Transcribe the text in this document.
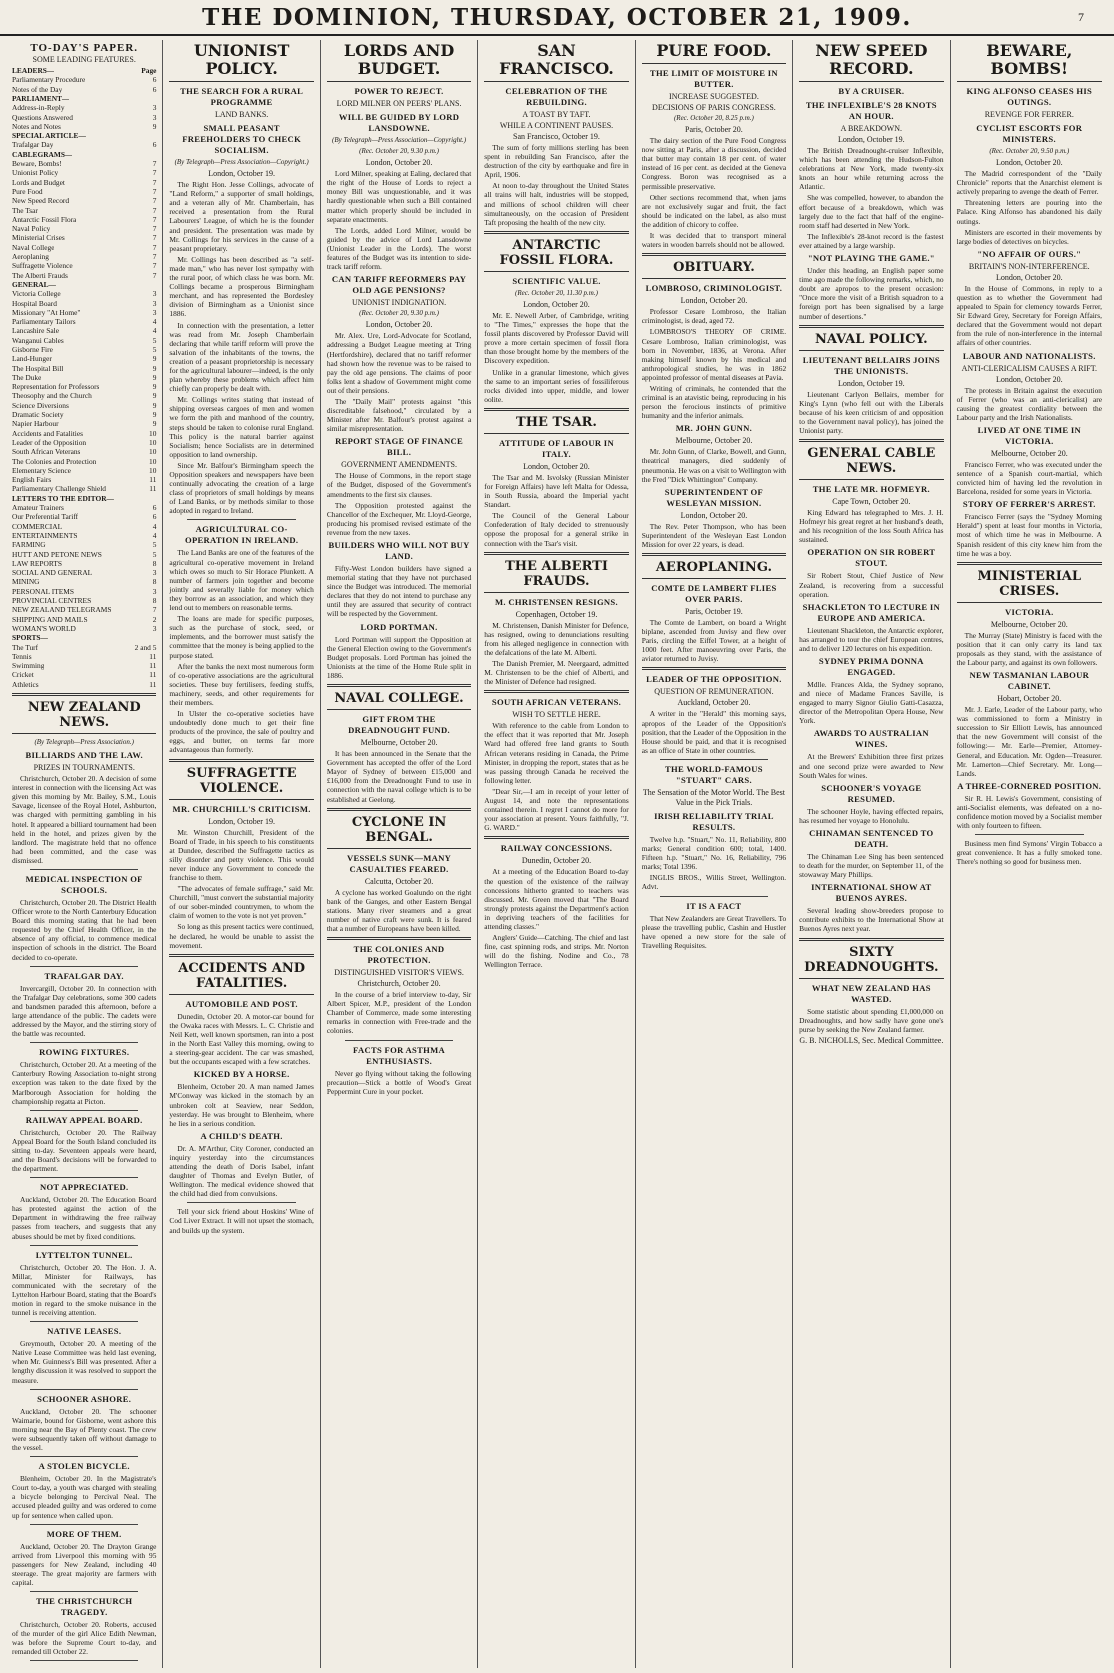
THE DOMINION, THURSDAY, OCTOBER 21, 1909.	7
TO-DAY'S PAPER.
SOME LEADING FEATURES.
LEADERS—	Page
Parliamentary Procedure	6
Notes of the Day	6
PARLIAMENT—
Address-in-Reply	3
Questions Answered	3
Notes and Notes	9
SPECIAL ARTICLE—
Trafalgar Day	6
CABLEGRAMS—
Beware, Bombs!	7
Unionist Policy	7
Lords and Budget	7
Pure Food	7
New Speed Record	7
The Tsar	7
Antarctic Fossil Flora	7
Naval Policy	7
Ministerial Crises	7
Naval College	7
Aeroplaning	7
Suffragette Violence	7
The Alberti Frauds	7
GENERAL—
Victoria College	3
Hospital Board	3
Missionary "At Home"	3
Parliamentary Tailors	4
Lancashire Sale	4
Wanganui Cables	5
Gisborne Fire	5
Land-Hunger	9
The Hospital Bill	9
The Duke	9
Representation for Professors	9
Theosophy and the Church	9
Science Diversions	9
Dramatic Society	9
Napier Harbour	9
Accidents and Fatalities	10
Leader of the Opposition	10
South African Veterans	10
The Colonies and Protection	10
Elementary Science	10
English Fairs	11
Parliamentary Challenge Shield	11
LETTERS TO THE EDITOR—
Amateur Trainers	6
Our Preferential Tariff	6
COMMERCIAL	4
ENTERTAINMENTS	4
FARMING	5
HUTT AND PETONE NEWS	5
LAW REPORTS	8
SOCIAL AND GENERAL	3
MINING	8
PERSONAL ITEMS	3
PROVINCIAL CENTRES	8
NEW ZEALAND TELEGRAMS	7
SHIPPING AND MAILS	2
WOMAN'S WORLD	3
SPORTS—
The Turf	2 and 5
Tennis	11
Swimming	11
Cricket	11
Athletics	11
NEW ZEALAND NEWS.
(By Telegraph—Press Association.)
BILLIARDS AND THE LAW.
PRIZES IN TOURNAMENTS.

Christchurch, October 20. A decision of some interest in connection with the licensing Act was given this morning by Mr. Bailey, S.M., Louis Savage, licensee of the Royal Hotel, Ashburton, was charged with permitting gambling in his hotel. It appeared a billiard tournament had been held in the hotel, and prizes given by the landlord. The magistrate held that no offence had been committed, and the case was dismissed.

MEDICAL INSPECTION OF SCHOOLS.

Christchurch, October 20. The District Health Officer wrote to the North Canterbury Education Board this morning stating that he had been requested by the Chief Health Officer, in the absence of any official, to commence medical inspection of schools in the district. The Board decided to co-operate.

TRAFALGAR DAY.

Invercargill, October 20. In connection with the Trafalgar Day celebrations, some 300 cadets and bandsmen paraded this afternoon, before a large attendance of the public. The cadets were addressed by the Mayor, and the stirring story of the battle was recounted.

ROWING FIXTURES.

Christchurch, October 20. At a meeting of the Canterbury Rowing Association to-night strong exception was taken to the date fixed by the Marlborough Association for holding the championship regatta at Picton.

RAILWAY APPEAL BOARD.

Christchurch, October 20. The Railway Appeal Board for the South Island concluded its sitting to-day. Seventeen appeals were heard, and the Board's decisions will be forwarded to the department.

NOT APPRECIATED.

Auckland, October 20. The Education Board has protested against the action of the Department in withdrawing the free railway passes from teachers, and suggests that any abuses should be met by fixed conditions.

LYTTELTON TUNNEL.

Christchurch, October 20. The Hon. J. A. Millar, Minister for Railways, has communicated with the secretary of the Lyttelton Harbour Board, stating that the Board's motion in regard to the smoke nuisance in the tunnel is receiving attention.

NATIVE LEASES.

Greymouth, October 20. A meeting of the Native Lease Committee was held last evening, when Mr. Guinness's Bill was presented. After a lengthy discussion it was resolved to support the measure.

SCHOONER ASHORE.

Auckland, October 20. The schooner Waimarie, bound for Gisborne, went ashore this morning near the Bay of Plenty coast. The crew were subsequently taken off without damage to the vessel.

A STOLEN BICYCLE.

Blenheim, October 20. In the Magistrate's Court to-day, a youth was charged with stealing a bicycle belonging to Percival Neal. The accused pleaded guilty and was ordered to come up for sentence when called upon.

MORE OF THEM.

Auckland, October 20. The Drayton Grange arrived from Liverpool this morning with 95 passengers for New Zealand, including 40 steerage. The great majority are farmers with capital.

THE CHRISTCHURCH TRAGEDY.

Christchurch, October 20. Roberts, accused of the murder of the girl Alice Edith Newman, was before the Supreme Court to-day, and remanded till October 22.

UNIONIST POLICY.
THE SEARCH FOR A RURAL PROGRAMME
LAND BANKS.
SMALL PEASANT FREEHOLDERS TO CHECK SOCIALISM.
(By Telegraph—Press Association—Copyright.)
London, October 19.

The Right Hon. Jesse Collings, advocate of "Land Reform," a supporter of small holdings, and a veteran ally of Mr. Chamberlain, has received a presentation from the Rural Labourers' League, of which he is the founder and president. The presentation was made by Mr. Collings for his services in the cause of a peasant proprietary.

Mr. Collings has been described as "a self-made man," who has never lost sympathy with the rural poor, of which class he was born. Mr. Collings became a prosperous Birmingham merchant, and has represented the Bordesley division of Birmingham as a Unionist since 1886.

In connection with the presentation, a letter was read from Mr. Joseph Chamberlain declaring that while tariff reform will prove the salvation of the inhabitants of the towns, the creation of a peasant proprietorship is necessary for the agricultural labourer—indeed, is the only plan whereby these problems which affect him chiefly can properly be dealt with.

Mr. Collings writes stating that instead of shipping overseas cargoes of men and women we form the pith and manhood of the country, steps should be taken to colonise rural England. This policy is the natural barrier against Socialism; hence Socialists are in determined opposition to land ownership.

Since Mr. Balfour's Birmingham speech the Opposition speakers and newspapers have been continually advocating the creation of a large class of proprietors of small holdings by means of Land Banks, or by methods similar to those adopted in regard to Ireland.

AGRICULTURAL CO-OPERATION IN IRELAND.

The Land Banks are one of the features of the agricultural co-operative movement in Ireland which owes so much to Sir Horace Plunkett. A number of farmers join together and become jointly and severally liable for money which they borrow as an association, and which they lend out to members on reasonable terms.

The loans are made for specific purposes, such as the purchase of stock, seed, or implements, and the borrower must satisfy the committee that the money is being applied to the purpose stated.

After the banks the next most numerous form of co-operative associations are the agricultural societies. These buy fertilisers, feeding stuffs, machinery, seeds, and other requirements for their members.

In Ulster the co-operative societies have undoubtedly done much to get their fine products of the province, the sale of poultry and eggs, and butter, on terms far more advantageous than formerly.

SUFFRAGETTE VIOLENCE.
MR. CHURCHILL'S CRITICISM.
London, October 19.

Mr. Winston Churchill, President of the Board of Trade, in his speech to his constituents at Dundee, described the Suffragette tactics as silly disorder and petty violence. This would never induce any Government to concede the franchise to them.

"The advocates of female suffrage," said Mr. Churchill, "must convert the substantial majority of our sober-minded countrymen, to whom the claim of women to the vote is not yet proven."

So long as this present tactics were continued, he declared, he would be unable to assist the movement.

ACCIDENTS AND FATALITIES.
AUTOMOBILE AND POST.

Dunedin, October 20. A motor-car bound for the Owaka races with Messrs. L. C. Christie and Neil Kett, well known sportsmen, ran into a post in the North East Valley this morning, owing to a steering-gear accident. The car was smashed, but the occupants escaped with a few scratches.

KICKED BY A HORSE.

Blenheim, October 20. A man named James M'Conway was kicked in the stomach by an unbroken colt at Seaview, near Seddon, yesterday. He was brought to Blenheim, where he lies in a serious condition.

A CHILD'S DEATH.

Dr. A. M'Arthur, City Coroner, conducted an inquiry yesterday into the circumstances attending the death of Doris Isabel, infant daughter of Thomas and Evelyn Butler, of Wellington. The medical evidence showed that the child had died from convulsions.

Tell your sick friend about Hoskins' Wine of Cod Liver Extract. It will not upset the stomach, and builds up the system.

LORDS AND BUDGET.
POWER TO REJECT.
LORD MILNER ON PEERS' PLANS.
WILL BE GUIDED BY LORD LANSDOWNE.
(By Telegraph—Press Association—Copyright.)
(Rec. October 20, 9.30 p.m.)
London, October 20.

Lord Milner, speaking at Ealing, declared that the right of the House of Lords to reject a money Bill was unquestionable, and it was hardly questionable when such a Bill contained matter which properly should be included in separate enactments.

The Lords, added Lord Milner, would be guided by the advice of Lord Lansdowne (Unionist Leader in the Lords). The worst features of the Budget was its intention to side-track tariff reform.

CAN TARIFF REFORMERS PAY OLD AGE PENSIONS?
UNIONIST INDIGNATION.
(Rec. October 20, 9.30 p.m.)
London, October 20.

Mr. Alex. Ure, Lord-Advocate for Scotland, addressing a Budget League meeting at Tring (Hertfordshire), declared that no tariff reformer had shown how the revenue was to be raised to pay the old age pensions. The claims of poor folks lent a shadow of Government might come out of their pensions.

The "Daily Mail" protests against "this discreditable falsehood," circulated by a Minister after Mr. Balfour's protest against a similar misrepresentation.

REPORT STAGE OF FINANCE BILL.
GOVERNMENT AMENDMENTS.

The House of Commons, in the report stage of the Budget, disposed of the Government's amendments to the first six clauses.

The Opposition protested against the Chancellor of the Exchequer, Mr. Lloyd-George, producing his promised revised estimate of the revenue from the new taxes.

BUILDERS WHO WILL NOT BUY LAND.

Fifty-West London builders have signed a memorial stating that they have not purchased since the Budget was introduced. The memorial declares that they do not intend to purchase any until they are assured that security of contract will be respected by the Government.

LORD PORTMAN.

Lord Portman will support the Opposition at the General Election owing to the Government's Budget proposals. Lord Portman has joined the Unionists at the time of the Home Rule split in 1886.

NAVAL COLLEGE.
GIFT FROM THE DREADNOUGHT FUND.
Melbourne, October 20.

It has been announced in the Senate that the Government has accepted the offer of the Lord Mayor of Sydney of between £15,000 and £16,000 from the Dreadnought Fund to use in connection with the naval college which is to be established at Geelong.

CYCLONE IN BENGAL.
VESSELS SUNK—MANY CASUALTIES FEARED.
Calcutta, October 20.

A cyclone has worked Goalundo on the right bank of the Ganges, and other Eastern Bengal stations. Many river steamers and a great number of native craft were sunk. It is feared that a number of Europeans have been killed.

THE COLONIES AND PROTECTION.
DISTINGUISHED VISITOR'S VIEWS.
Christchurch, October 20.

In the course of a brief interview to-day, Sir Albert Spicer, M.P., president of the London Chamber of Commerce, made some interesting remarks in connection with Free-trade and the colonies.

FACTS FOR ASTHMA ENTHUSIASTS.

Never go flying without taking the following precaution—Stick a bottle of Wood's Great Peppermint Cure in your pocket.

SAN FRANCISCO.
CELEBRATION OF THE REBUILDING.
A TOAST BY TAFT.
WHILE A CONTINENT PAUSES.
San Francisco, October 19.

The sum of forty millions sterling has been spent in rebuilding San Francisco, after the destruction of the city by earthquake and fire in April, 1906.

At noon to-day throughout the United States all trains will halt, industries will be stopped, and millions of school children will cheer simultaneously, on the occasion of President Taft proposing the health of the new city.

ANTARCTIC FOSSIL FLORA.
SCIENTIFIC VALUE.
(Rec. October 20, 11.30 p.m.)
London, October 20.

Mr. E. Newell Arber, of Cambridge, writing to "The Times," expresses the hope that the fossil plants discovered by Professor David will prove a more certain specimen of fossil flora than those brought home by the members of the Discovery expedition.

Unlike in a granular limestone, which gives the same to an important series of fossiliferous rocks divided into upper, middle, and lower oolite.

THE TSAR.
ATTITUDE OF LABOUR IN ITALY.
London, October 20.

The Tsar and M. Isvolsky (Russian Minister for Foreign Affairs) have left Malta for Odessa, in South Russia, aboard the Imperial yacht Standart.

The Council of the General Labour Confederation of Italy decided to strenuously oppose the proposal for a general strike in connection with the Tsar's visit.

THE ALBERTI FRAUDS.
M. CHRISTENSEN RESIGNS.
Copenhagen, October 19.

M. Christensen, Danish Minister for Defence, has resigned, owing to denunciations resulting from his alleged negligence in connection with the defalcations of the late M. Alberti.

The Danish Premier, M. Neergaard, admitted M. Christensen to be the chief of Alberti, and the Minister of Defence had resigned.

SOUTH AFRICAN VETERANS.
WISH TO SETTLE HERE.

With reference to the cable from London to the effect that it was reported that Mr. Joseph Ward had offered free land grants to South African veterans residing in Canada, the Prime Minister, in dropping the report, states that as he was passing through Canada he received the following letter.

"Dear Sir,—I am in receipt of your letter of August 14, and note the representations contained therein. I regret I cannot do more for your association at present. Yours faithfully, "J. G. WARD."

RAILWAY CONCESSIONS.
Dunedin, October 20.

At a meeting of the Education Board to-day the question of the existence of the railway concessions hitherto granted to teachers was discussed. Mr. Green moved that "The Board strongly protests against the Department's action in depriving teachers of the facilities for attending classes."

Anglers' Guide—Catching. The chief and last fine, cast spinning rods, and strips. Mr. Norton will do the fishing. Nodine and Co., 78 Wellington Terrace.

PURE FOOD.
THE LIMIT OF MOISTURE IN BUTTER.
INCREASE SUGGESTED.
DECISIONS OF PARIS CONGRESS.
(Rec. October 20, 8.25 p.m.)
Paris, October 20.

The dairy section of the Pure Food Congress now sitting at Paris, after a discussion, decided that butter may contain 18 per cent. of water instead of 16 per cent. as decided at the Geneva Congress. Boron was recognised as a permissible preservative.

Other sections recommend that, when jams are not exclusively sugar and fruit, the fact should be indicated on the label, as also must the addition of chicory to coffee.

It was decided that to transport mineral waters in wooden barrels should not be allowed.

OBITUARY.
LOMBROSO, CRIMINOLOGIST.
London, October 20.

Professor Cesare Lombroso, the Italian criminologist, is dead, aged 72.

LOMBROSO'S THEORY OF CRIME. Cesare Lombroso, Italian criminologist, was born in November, 1836, at Verona. After making himself known by his medical and anthropological studies, he was in 1862 appointed professor of mental diseases at Pavia.

Writing of criminals, he contended that the criminal is an atavistic being, reproducing in his person the ferocious instincts of primitive humanity and the inferior animals.

MR. JOHN GUNN.
Melbourne, October 20.

Mr. John Gunn, of Clarke, Bowell, and Gunn, theatrical managers, died suddenly of pneumonia. He was on a visit to Wellington with the Fred "Dick Whittington" Company.

SUPERINTENDENT OF WESLEYAN MISSION.
London, October 20.

The Rev. Peter Thompson, who has been Superintendent of the Wesleyan East London Mission for over 22 years, is dead.

AEROPLANING.
COMTE DE LAMBERT FLIES OVER PARIS.
Paris, October 19.

The Comte de Lambert, on board a Wright biplane, ascended from Juvisy and flew over Paris, circling the Eiffel Tower, at a height of 1000 feet. After manoeuvring over Paris, the aviator returned to Juvisy.

LEADER OF THE OPPOSITION.
QUESTION OF REMUNERATION.
Auckland, October 20.

A writer in the "Herald" this morning says, apropos of the Leader of the Opposition's position, that the Leader of the Opposition in the House should be paid, and that it is recognised as an office of State in other countries.

THE WORLD-FAMOUS "STUART" CARS.
The Sensation of the Motor World. The Best Value in the Pick Trials.
IRISH RELIABILITY TRIAL RESULTS.

Twelve h.p. "Stuart," No. 11, Reliability, 800 marks; General condition 600; total, 1400. Fifteen h.p. "Stuart," No. 16, Reliability, 796 marks; Total 1396.

INGLIS BROS., Willis Street, Wellington. Advt.

IT IS A FACT

That New Zealanders are Great Travellers. To please the travelling public, Cashin and Hustler have opened a new store for the sale of Travelling Requisites.

NEW SPEED RECORD.
BY A CRUISER.
THE INFLEXIBLE'S 28 KNOTS AN HOUR.
A BREAKDOWN.
London, October 19.

The British Dreadnought-cruiser Inflexible, which has been attending the Hudson-Fulton celebrations at New York, made twenty-six knots an hour while returning across the Atlantic.

She was compelled, however, to abandon the effort because of a breakdown, which was largely due to the fact that half of the engine-room staff had deserted in New York.

The Inflexible's 28-knot record is the fastest ever attained by a large warship.

"NOT PLAYING THE GAME."

Under this heading, an English paper some time ago made the following remarks, which, no doubt are apropos to the present occasion: "Once more the visit of a British squadron to a foreign port has been signalised by a large number of desertions."

NAVAL POLICY.
LIEUTENANT BELLAIRS JOINS THE UNIONISTS.
London, October 19.

Lieutenant Carlyon Bellairs, member for King's Lynn (who fell out with the Liberals because of his keen criticism of and opposition to the Government naval policy), has joined the Unionist party.

GENERAL CABLE NEWS.
THE LATE MR. HOFMEYR.
Cape Town, October 20.

King Edward has telegraphed to Mrs. J. H. Hofmeyr his great regret at her husband's death, and his recognition of the loss South Africa has sustained.

OPERATION ON SIR ROBERT STOUT.

Sir Robert Stout, Chief Justice of New Zealand, is recovering from a successful operation.

SHACKLETON TO LECTURE IN EUROPE AND AMERICA.

Lieutenant Shackleton, the Antarctic explorer, has arranged to tour the chief European centres, and to deliver 120 lectures on his expedition.

SYDNEY PRIMA DONNA ENGAGED.

Mdlle. Frances Alda, the Sydney soprano, and niece of Madame Frances Saville, is engaged to marry Signor Giulio Gatti-Casazza, director of the Metropolitan Opera House, New York.

AWARDS TO AUSTRALIAN WINES.

At the Brewers' Exhibition three first prizes and one second prize were awarded to New South Wales for wines.

SCHOONER'S VOYAGE RESUMED.

The schooner Hoyle, having effected repairs, has resumed her voyage to Honolulu.

CHINAMAN SENTENCED TO DEATH.

The Chinaman Lee Sing has been sentenced to death for the murder, on September 11, of the stowaway Mary Phillips.

INTERNATIONAL SHOW AT BUENOS AYRES.

Several leading show-breeders propose to contribute exhibits to the International Show at Buenos Ayres next year.

SIXTY DREADNOUGHTS.
WHAT NEW ZEALAND HAS WASTED.

Some statistic about spending £1,000,000 on Dreadnoughts, and how sadly have gone one's purse by seeking the New Zealand farmer.

G. B. NICHOLLS, Sec. Medical Committee.
BEWARE, BOMBS!
KING ALFONSO CEASES HIS OUTINGS.
REVENGE FOR FERRER.
CYCLIST ESCORTS FOR MINISTERS.
(Rec. October 20, 9.50 p.m.)
London, October 20.

The Madrid correspondent of the "Daily Chronicle" reports that the Anarchist element is actively preparing to avenge the death of Ferrer.

Threatening letters are pouring into the Palace. King Alfonso has abandoned his daily outings.

Ministers are escorted in their movements by large bodies of detectives on bicycles.

"NO AFFAIR OF OURS."
BRITAIN'S NON-INTERFERENCE.
London, October 20.

In the House of Commons, in reply to a question as to whether the Government had appealed to Spain for clemency towards Ferrer, Sir Edward Grey, Secretary for Foreign Affairs, declared that the Government would not depart from the rule of non-interference in the internal affairs of other countries.

LABOUR AND NATIONALISTS.
ANTI-CLERICALISM CAUSES A RIFT.
London, October 20.

The protests in Britain against the execution of Ferrer (who was an anti-clericalist) are causing the greatest cordiality between the Labour party and the Irish Nationalists.

LIVED AT ONE TIME IN VICTORIA.
Melbourne, October 20.

Francisco Ferrer, who was executed under the sentence of a Spanish court-martial, which convicted him of having led the revolution in Barcelona, resided for some years in Victoria.

STORY OF FERRER'S ARREST.

Francisco Ferrer (says the "Sydney Morning Herald") spent at least four months in Victoria, most of which time he was in Melbourne. A Spanish resident of this city knew him from the time he was a boy.

MINISTERIAL CRISES.
VICTORIA.
Melbourne, October 20.

The Murray (State) Ministry is faced with the position that it can only carry its land tax proposals as they stand, with the assistance of the Labour party, and against its own followers.

NEW TASMANIAN LABOUR CABINET.
Hobart, October 20.

Mr. J. Earle, Leader of the Labour party, who was commissioned to form a Ministry in succession to Sir Elliott Lewis, has announced that the new Government will consist of the following:— Mr. Earle—Premier, Attorney-General, and Education. Mr. Ogden—Treasurer. Mr. Lamerton—Chief Secretary. Mr. Long—Lands.

A THREE-CORNERED POSITION.

Sir R. H. Lewis's Government, consisting of anti-Socialist elements, was defeated on a no-confidence motion moved by a Socialist member with only fourteen to fifteen.

Business men find Symons' Virgin Tobacco a great convenience. It has a fully smoked tone. There's nothing so good for business men.
